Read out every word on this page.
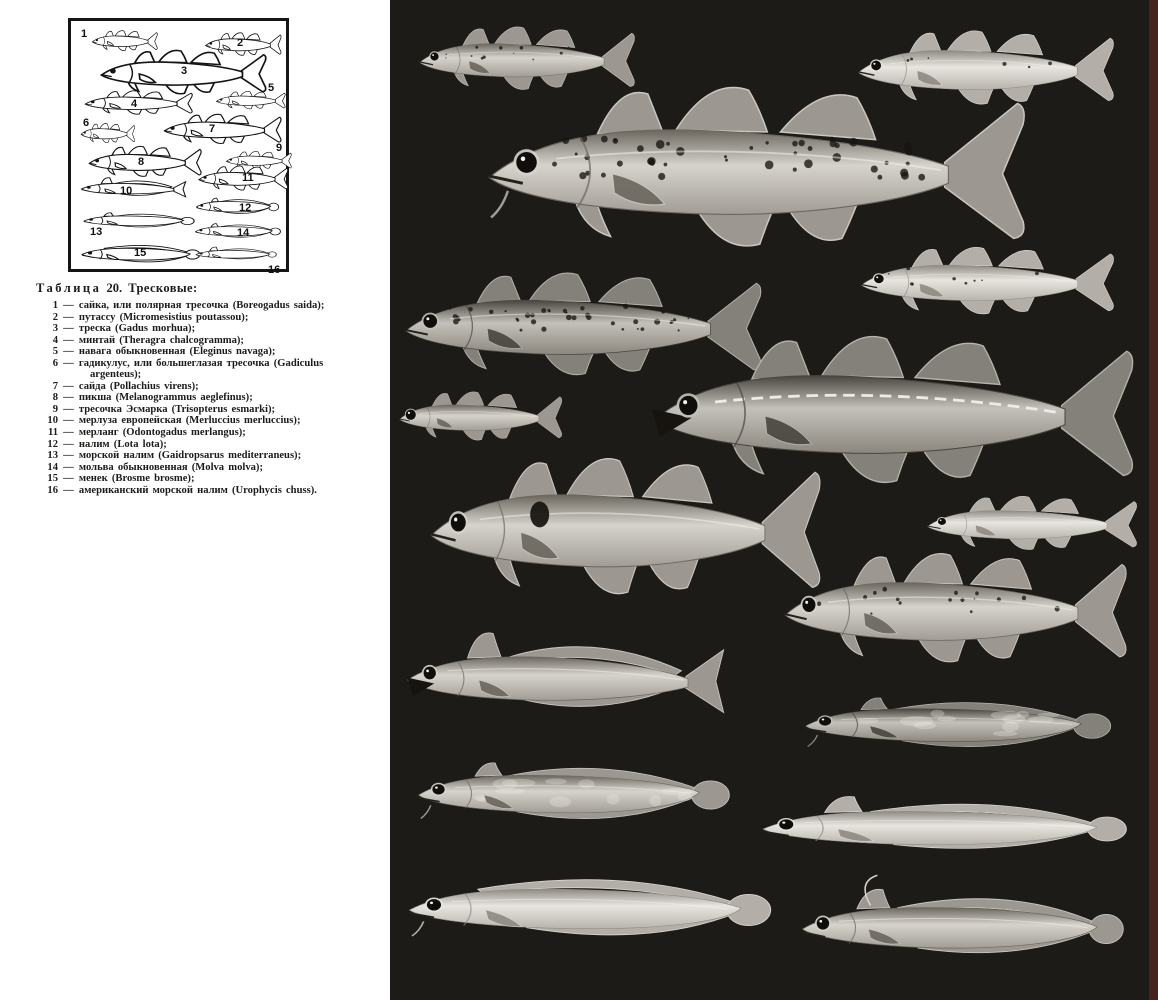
1
2
3
4
5
6	7
8
9
10
11
12
13	14
15
16
Таблица 20. Тресковые:
1 — сайка, или полярная тресочка (Boreogadus saida);
2 — путассу (Micromesistius poutassou);
3 — треска (Gadus morhua);
4 — минтай (Theragra chalcogramma);
5 — навага обыкновенная (Eleginus navaga);
6 — гадикулус, или большеглазая тресочка (Gadiculus argenteus);
7 — сайда (Pollachius virens);
8 — пикша (Melanogrammus aeglefinus);
9 — тресочка Эсмарка (Trisopterus esmarki);
10 — мерлуза европейская (Merluccius merluccius);
11 — мерланг (Odontogadus merlangus);
12 — налим (Lota lota);
13 — морской налим (Gaidropsarus mediterraneus);
14 — мольва обыкновенная (Molva molva);
15 — менек (Brosme brosme);
16 — американский морской налим (Urophycis chuss).
